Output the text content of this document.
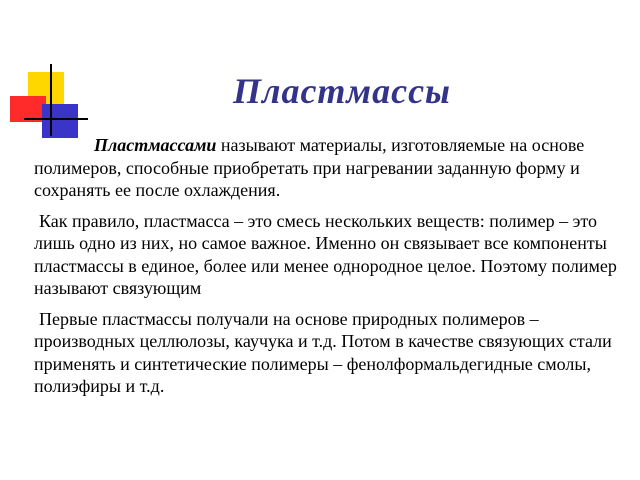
Пластмассы

Пластмассами называют материалы, изготовляемые на основе полимеров, способные приобретать при нагревании заданную форму и сохранять ее после охлаждения.

Как правило, пластмасса – это смесь нескольких веществ: полимер – это лишь одно из них, но самое важное. Именно он связывает все компоненты пластмассы в единое, более или менее однородное целое. Поэтому полимер называют связующим

Первые пластмассы получали на основе природных полимеров – производных целлюлозы, каучука и т.д. Потом в качестве связующих стали применять и синтетические полимеры – фенолформальдегидные смолы, полиэфиры и т.д.
